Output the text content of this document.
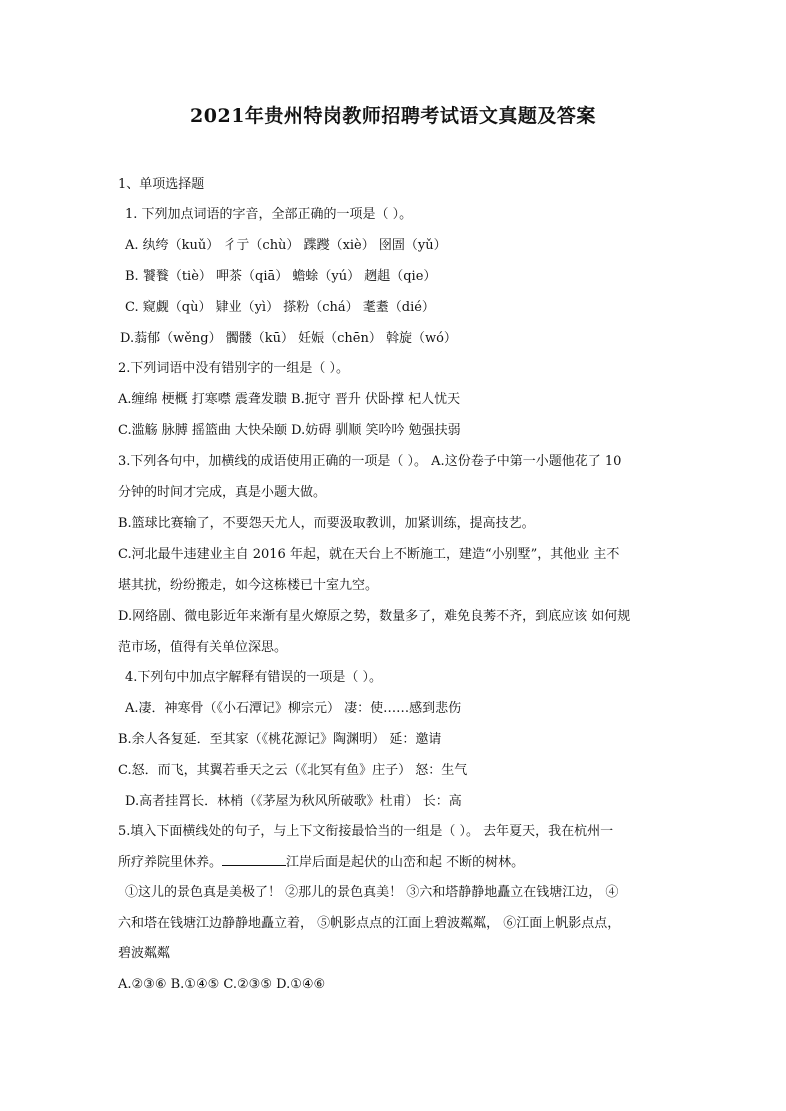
2021年贵州特岗教师招聘考试语文真题及答案
1、单项选择题
1. 下列加点词语的字音，全部正确的一项是（ ）。
A. 纨绔（kuǔ） 彳亍（chù） 蹀躞（xiè） 囹圄（yǔ）
B. 饕餮（tiè） 呷茶（qiā） 蟾蜍（yú） 趔趄（qie）
C. 窥觑（qù） 肄业（yì） 搽粉（chá） 耄耋（dié）
D.蓊郁（wěng） 髑髅（kū） 妊娠（chēn） 斡旋（wó）
2.下列词语中没有错别字的一组是（ ）。
A.缠绵 梗概 打寒噤 震聋发聩 B.扼守 晋升 伏卧撑 杞人忧天
C.滥觞 脉膊 摇篮曲 大快朵颐 D.妨碍 驯顺 笑吟吟 勉强扶弱
3.下列各句中，加横线的成语使用正确的一项是（ ）。 A.这份卷子中第一小题他花了 10
分钟的时间才完成，真是小题大做。
B.篮球比赛输了，不要怨天尤人，而要汲取教训，加紧训练，提高技艺。
C.河北最牛违建业主自 2016 年起，就在天台上不断施工，建造“小别墅”，其他业 主不
堪其扰，纷纷搬走，如今这栋楼已十室九空。
D.网络剧、微电影近年来渐有星火燎原之势，数量多了，难免良莠不齐，到底应该 如何规
范市场，值得有关单位深思。
4.下列句中加点字解释有错误的一项是（ ）。
A.凄．神寒骨（《小石潭记》柳宗元） 凄：使……感到悲伤
B.余人各复延．至其家（《桃花源记》陶渊明） 延：邀请
C.怒．而飞，其翼若垂天之云（《北冥有鱼》庄子） 怒：生气
D.高者挂罥长．林梢（《茅屋为秋风所破歌》杜甫） 长：高
5.填入下面横线处的句子，与上下文衔接最恰当的一组是（ ）。 去年夏天，我在杭州一
所疗养院里休养。	江岸后面是起伏的山峦和起 不断的树林。
①这儿的景色真是美极了！ ②那儿的景色真美！ ③六和塔静静地矗立在钱塘江边， ④
六和塔在钱塘江边静静地矗立着， ⑤帆影点点的江面上碧波粼粼， ⑥江面上帆影点点，
碧波粼粼
A.②③⑥ B.①④⑤ C.②③⑤ D.①④⑥
